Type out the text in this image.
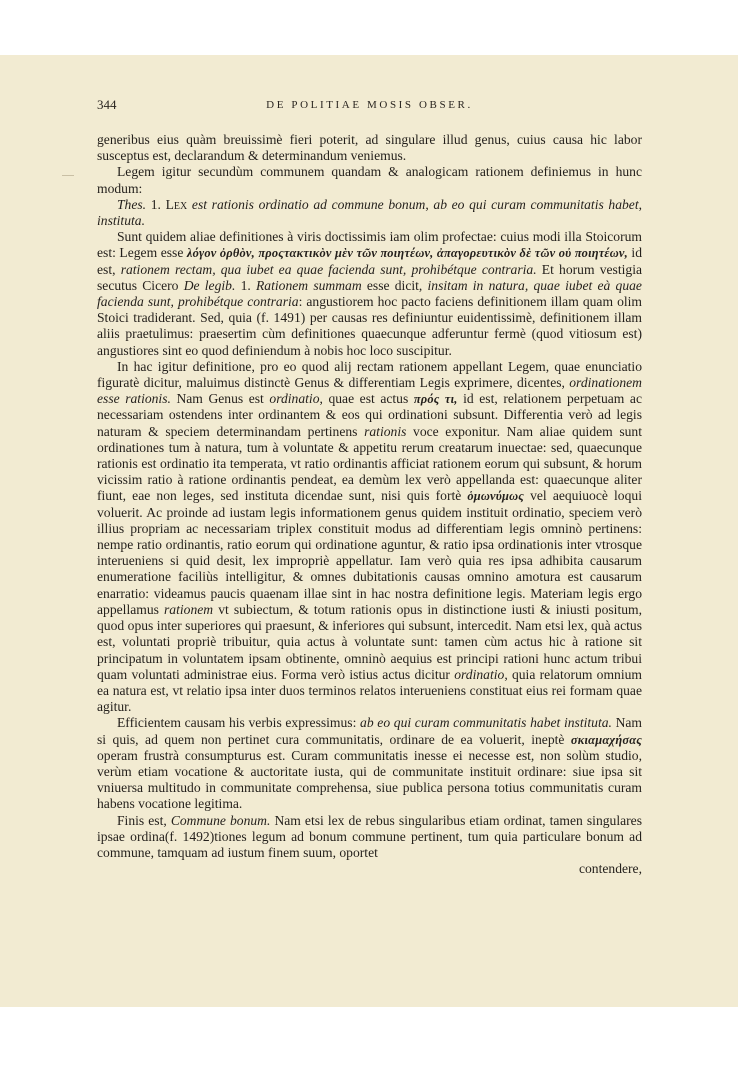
344	DE POLITIAE MOSIS OBSER.

generibus eius quàm breuissimè fieri poterit, ad singulare illud genus, cuius causa hic labor susceptus est, declarandum & determinandum veniemus.

Legem igitur secundùm communem quandam & analogicam rationem definiemus in hunc modum:

Thes. 1. Lex est rationis ordinatio ad commune bonum, ab eo qui curam communitatis habet, instituta.

Sunt quidem aliae definitiones à viris doctissimis iam olim profectae: cuius modi illa Stoicorum est: Legem esse λόγον ὀρθὸν, προςτακτικὸν μὲν τῶν ποιητέων, ἀπαγορευτικὸν δὲ τῶν οὐ ποιητέων, id est, rationem rectam, qua iubet ea quae facienda sunt, prohibétque contraria. Et horum vestigia secutus Cicero De legib. 1. Rationem summam esse dicit, insitam in natura, quae iubet eà quae facienda sunt, prohibétque contraria: angustiorem hoc pacto faciens definitionem illam quam olim Stoici tradiderant. Sed, quia (f. 1491) per causas res definiuntur euidentissimè, definitionem illam aliis praetulimus: praesertim cùm definitiones quaecunque adferuntur fermè (quod vitiosum est) angustiores sint eo quod definiendum à nobis hoc loco suscipitur.

In hac igitur definitione, pro eo quod alij rectam rationem appellant Legem, quae enunciatio figuratè dicitur, maluimus distinctè Genus & differentiam Legis exprimere, dicentes, ordinationem esse rationis. Nam Genus est ordinatio, quae est actus πρός τι, id est, relationem perpetuam ac necessariam ostendens inter ordinantem & eos qui ordinationi subsunt. Differentia verò ad legis naturam & speciem determinandam pertinens rationis voce exponitur. Nam aliae quidem sunt ordinationes tum à natura, tum à voluntate & appetitu rerum creatarum inuectae: sed, quaecunque rationis est ordinatio ita temperata, vt ratio ordinantis afficiat rationem eorum qui subsunt, & horum vicissim ratio à ratione ordinantis pendeat, ea demùm lex verò appellanda est: quaecunque aliter fiunt, eae non leges, sed instituta dicendae sunt, nisi quis fortè ὁμωνύμως vel aequiuocè loqui voluerit. Ac proinde ad iustam legis informationem genus quidem instituit ordinatio, speciem verò illius propriam ac necessariam triplex constituit modus ad differentiam legis omninò pertinens: nempe ratio ordinantis, ratio eorum qui ordinatione aguntur, & ratio ipsa ordinationis inter vtrosque interueniens si quid desit, lex impropriè appellatur. Iam verò quia res ipsa adhibita causarum enumeratione faciliùs intelligitur, & omnes dubitationis causas omnino amotura est causarum enarratio: videamus paucis quaenam illae sint in hac nostra definitione legis. Materiam legis ergo appellamus rationem vt subiectum, & totum rationis opus in distinctione iusti & iniusti positum, quod opus inter superiores qui praesunt, & inferiores qui subsunt, intercedit. Nam etsi lex, quà actus est, voluntati propriè tribuitur, quia actus à voluntate sunt: tamen cùm actus hic à ratione sit principatum in voluntatem ipsam obtinente, omninò aequius est principi rationi hunc actum tribui quam voluntati administrae eius. Forma verò istius actus dicitur ordinatio, quia relatorum omnium ea natura est, vt relatio ipsa inter duos terminos relatos interueniens constituat eius rei formam quae agitur.

Efficientem causam his verbis expressimus: ab eo qui curam communitatis habet instituta. Nam si quis, ad quem non pertinet cura communitatis, ordinare de ea voluerit, ineptè σκιαμαχήσας operam frustrà consumpturus est. Curam communitatis inesse ei necesse est, non solùm studio, verùm etiam vocatione & auctoritate iusta, qui de communitate instituit ordinare: siue ipsa sit vniuersa multitudo in communitate comprehensa, siue publica persona totius communitatis curam habens vocatione legitima.

Finis est, Commune bonum. Nam etsi lex de rebus singularibus etiam ordinat, tamen singulares ipsae ordina(f. 1492)tiones legum ad bonum commune pertinent, tum quia particulare bonum ad commune, tamquam ad iustum finem suum, oportet

contendere,
